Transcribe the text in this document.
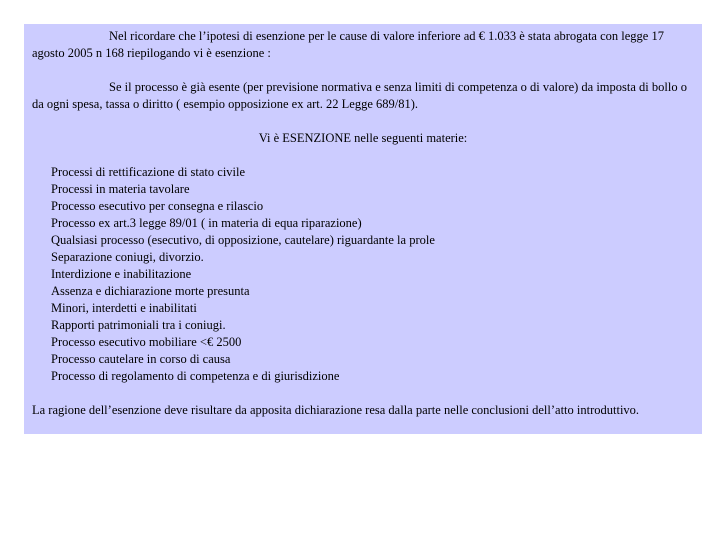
Nel ricordare che l’ipotesi di esenzione per le cause di valore inferiore ad € 1.033 è stata abrogata con legge 17 agosto 2005 n 168 riepilogando vi è esenzione :

Se il processo è già esente (per previsione normativa e senza limiti di competenza o di valore) da imposta di bollo o da ogni spesa, tassa o diritto ( esempio opposizione ex art. 22 Legge 689/81).

Vi è ESENZIONE nelle seguenti materie:

Processi di rettificazione di stato civile
Processi in materia tavolare
Processo esecutivo per consegna e rilascio
Processo ex art.3 legge 89/01 ( in materia di equa riparazione)
Qualsiasi processo (esecutivo, di opposizione, cautelare) riguardante la prole
Separazione coniugi, divorzio.
Interdizione e inabilitazione
Assenza e dichiarazione morte presunta
Minori, interdetti e inabilitati
Rapporti patrimoniali tra i coniugi.
Processo esecutivo mobiliare <€ 2500
Processo cautelare in corso di causa
Processo di regolamento di competenza e di giurisdizione

La ragione dell’esenzione deve risultare da apposita dichiarazione resa dalla parte nelle conclusioni dell’atto introduttivo.
